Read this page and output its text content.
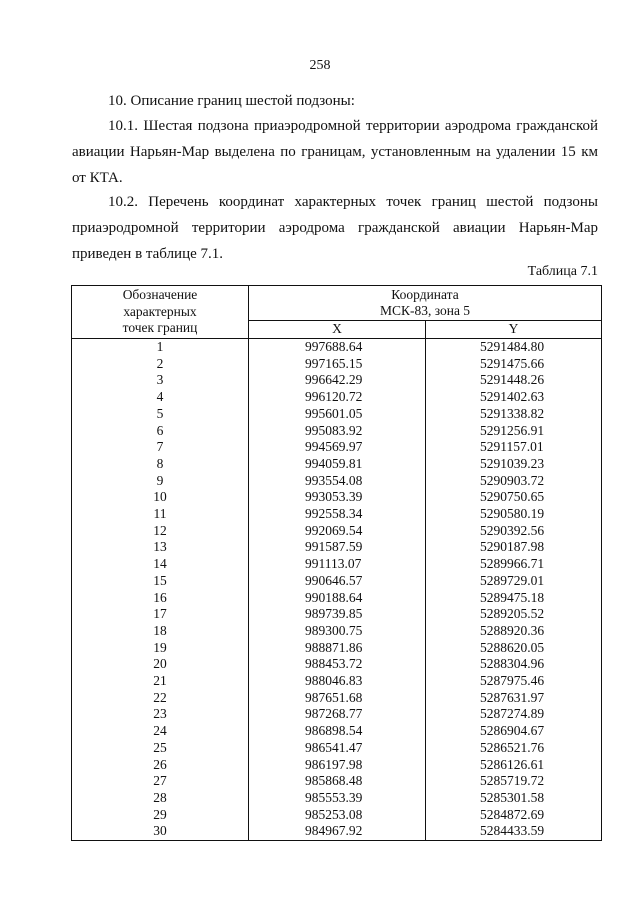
258

10. Описание границ шестой подзоны:

10.1. Шестая подзона приаэродромной территории аэродрома гражданской авиации Нарьян-Мар выделена по границам, установленным на удалении 15 км от КТА.

10.2. Перечень координат характерных точек границ шестой подзоны приаэродромной территории аэродрома гражданской авиации Нарьян-Мар приведен в таблице 7.1.

Таблица 7.1
Обозначение
характерных
точек границ	Координата
МСК-83, зона 5	

	X	Y
1	997688.64	5291484.80
2	997165.15	5291475.66
3	996642.29	5291448.26
4	996120.72	5291402.63
5	995601.05	5291338.82
6	995083.92	5291256.91
7	994569.97	5291157.01
8	994059.81	5291039.23
9	993554.08	5290903.72
10	993053.39	5290750.65
11	992558.34	5290580.19
12	992069.54	5290392.56
13	991587.59	5290187.98
14	991113.07	5289966.71
15	990646.57	5289729.01
16	990188.64	5289475.18
17	989739.85	5289205.52
18	989300.75	5288920.36
19	988871.86	5288620.05
20	988453.72	5288304.96
21	988046.83	5287975.46
22	987651.68	5287631.97
23	987268.77	5287274.89
24	986898.54	5286904.67
25	986541.47	5286521.76
26	986197.98	5286126.61
27	985868.48	5285719.72
28	985553.39	5285301.58
29	985253.08	5284872.69
30	984967.92	5284433.59
